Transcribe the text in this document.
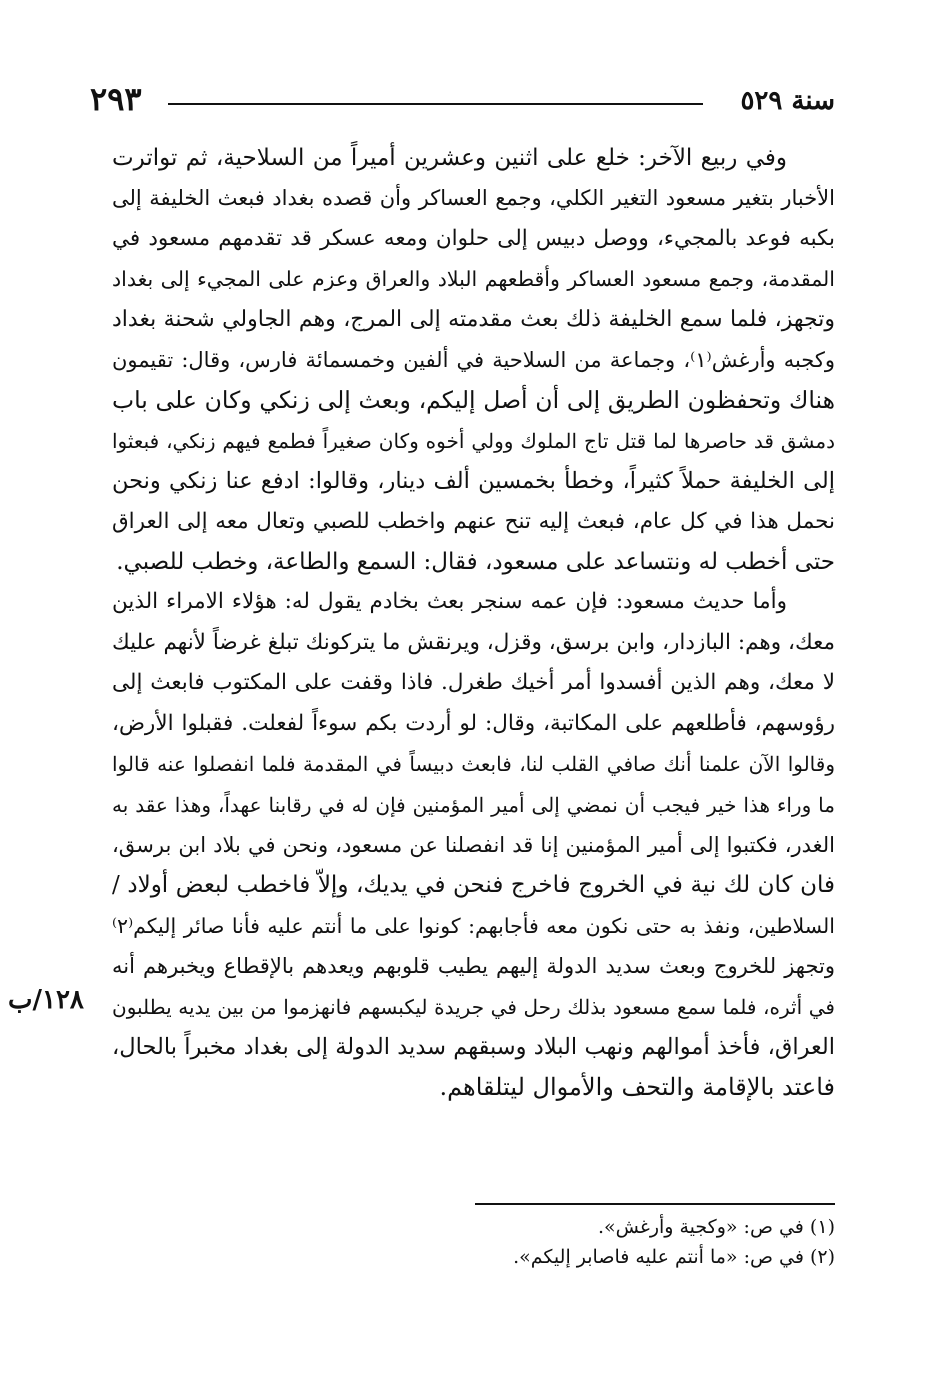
سنة ٥٢٩
٢٩٣
وفي ربيع الآخر: خلع على اثنين وعشرين أميراً من السلاحية، ثم تواترت
الأخبار بتغير مسعود التغير الكلي، وجمع العساكر وأن قصده بغداد فبعث الخليفة إلى
بكبه فوعد بالمجيء، ووصل دبيس إلى حلوان ومعه عسكر قد تقدمهم مسعود في
المقدمة، وجمع مسعود العساكر وأقطعهم البلاد والعراق وعزم على المجيء إلى بغداد
وتجهز، فلما سمع الخليفة ذلك بعث مقدمته إلى المرج، وهم الجاولي شحنة بغداد
وكجبه وأرغش⁽١⁾، وجماعة من السلاحية في ألفين وخمسمائة فارس، وقال: تقيمون
هناك وتحفظون الطريق إلى أن أصل إليكم، وبعث إلى زنكي وكان على باب
دمشق قد حاصرها لما قتل تاج الملوك وولي أخوه وكان صغيراً فطمع فيهم زنكي، فبعثوا
إلى الخليفة حملاً كثيراً، وخطأ بخمسين ألف دينار، وقالوا: ادفع عنا زنكي ونحن
نحمل هذا في كل عام، فبعث إليه تنح عنهم واخطب للصبي وتعال معه إلى العراق
حتى أخطب له ونتساعد على مسعود، فقال: السمع والطاعة، وخطب للصبي.
وأما حديث مسعود: فإن عمه سنجر بعث بخادم يقول له: هؤلاء الامراء الذين
معك، وهم: البازدار، وابن برسق، وقزل، ويرنقش ما يتركونك تبلغ غرضاً لأنهم عليك
لا معك، وهم الذين أفسدوا أمر أخيك طغرل. فاذا وقفت على المكتوب فابعث إلى
رؤوسهم، فأطلعهم على المكاتبة، وقال: لو أردت بكم سوءاً لفعلت. فقبلوا الأرض،
وقالوا الآن علمنا أنك صافي القلب لنا، فابعث دبيساً في المقدمة فلما انفصلوا عنه قالوا
ما وراء هذا خير فيجب أن نمضي إلى أمير المؤمنين فإن له في رقابنا عهداً، وهذا عقد به
الغدر، فكتبوا إلى أمير المؤمنين إنا قد انفصلنا عن مسعود، ونحن في بلاد ابن برسق،
فان كان لك نية في الخروج فاخرج فنحن في يديك، وإلاّ فاخطب لبعض أولاد /
السلاطين، ونفذ به حتى نكون معه فأجابهم: كونوا على ما أنتم عليه فأنا صائر إليكم⁽٢⁾
وتجهز للخروج وبعث سديد الدولة إليهم يطيب قلوبهم ويعدهم بالإقطاع ويخبرهم أنه
في أثره، فلما سمع مسعود بذلك رحل في جريدة ليكبسهم فانهزموا من بين يديه يطلبون
العراق، فأخذ أموالهم ونهب البلاد وسبقهم سديد الدولة إلى بغداد مخبراً بالحال،
فاعتد بالإقامة والتحف والأموال ليتلقاهم.
١٢٨/ب
(١) في ص: «وكجية وأرغش».
(٢) في ص: «ما أنتم عليه فاصابر إليكم».
